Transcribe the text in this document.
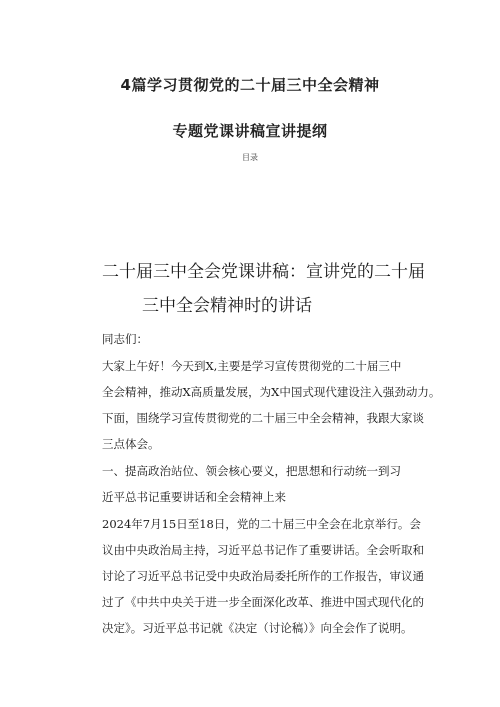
4篇学习贯彻党的二十届三中全会精神
专题党课讲稿宣讲提纲
目录
二十届三中全会党课讲稿：宣讲党的二十届
三中全会精神时的讲话
同志们：
大家上午好！今天到X,主要是学习宣传贯彻党的二十届三中
全会精神，推动X高质量发展，为X中国式现代建设注入强劲动力。
下面，围绕学习宣传贯彻党的二十届三中全会精神，我跟大家谈
三点体会。
一、提高政治站位、领会核心要义，把思想和行动统一到习
近平总书记重要讲话和全会精神上来
2024年7月15日至18日，党的二十届三中全会在北京举行。会
议由中央政治局主持，习近平总书记作了重要讲话。全会听取和
讨论了习近平总书记受中央政治局委托所作的工作报告，审议通
过了《中共中央关于进一步全面深化改革、推进中国式现代化的
决定》。习近平总书记就《决定（讨论稿）》向全会作了说明。
